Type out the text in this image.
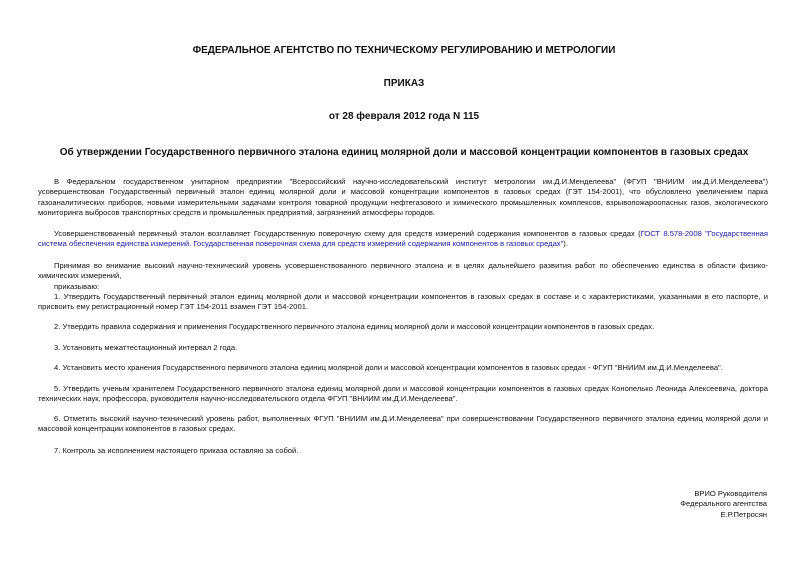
ФЕДЕРАЛЬНОЕ АГЕНТСТВО ПО ТЕХНИЧЕСКОМУ РЕГУЛИРОВАНИЮ И МЕТРОЛОГИИ
ПРИКАЗ
от 28 февраля 2012 года N 115
Об утверждении Государственного первичного эталона единиц молярной доли и массовой концентрации компонентов в газовых средах

В Федеральном государственном унитарном предприятии "Всероссийский научно-исследовательский институт метрологии им.Д.И.Менделеева" (ФГУП "ВНИИМ им.Д.И.Менделеева") усовершенствован Государственный первичный эталон единиц молярной доли и массовой концентрации компонентов в газовых средах (ГЭТ 154-2001), что обусловлено увеличением парка газоаналитических приборов, новыми измерительными задачами контроля товарной продукции нефтегазового и химического промышленных комплексов, взрывопожароопасных газов, экологического мониторинга выбросов транспортных средств и промышленных предприятий, загрязнений атмосферы городов.

Усовершенствованный первичный эталон возглавляет Государственную поверочную схему для средств измерений содержания компонентов в газовых средах (ГОСТ 8.578-2008 "Государственная система обеспечения единства измерений. Государственная поверочная схема для средств измерений содержания компонентов в газовых средах").

Принимая во внимание высокий научно-технический уровень усовершенствованного первичного эталона и в целях дальнейшего развития работ по обеспечению единства в области физико-химических измерений,

приказываю:

1. Утвердить Государственный первичный эталон единиц молярной доли и массовой концентрации компонентов в газовых средах в составе и с характеристиками, указанными в его паспорте, и присвоить ему регистрационный номер ГЭТ 154-2011 взамен ГЭТ 154-2001.

2. Утвердить правила содержания и применения Государственного первичного эталона единиц молярной доли и массовой концентрации компонентов в газовых средах.

3. Установить межаттестационный интервал 2 года.

4. Установить место хранения Государственного первичного эталона единиц молярной доли и массовой концентрации компонентов в газовых средах - ФГУП "ВНИИМ им.Д.И.Менделеева".

5. Утвердить ученым хранителем Государственного первичного эталона единиц молярной доли и массовой концентрации компонентов в газовых средах Конопелько Леонида Алексеевича, доктора технических наук, профессора, руководителя научно-исследовательского отдела ФГУП "ВНИИМ им.Д.И.Менделеева".

6. Отметить высокий научно-технический уровень работ, выполненных ФГУП "ВНИИМ им.Д.И.Менделеева" при совершенствовании Государственного первичного эталона единиц молярной доли и массовой концентрации компонентов в газовых средах.

7. Контроль за исполнением настоящего приказа оставляю за собой.

ВРИО Руководителя
Федерального агентства
Е.Р.Петросян
